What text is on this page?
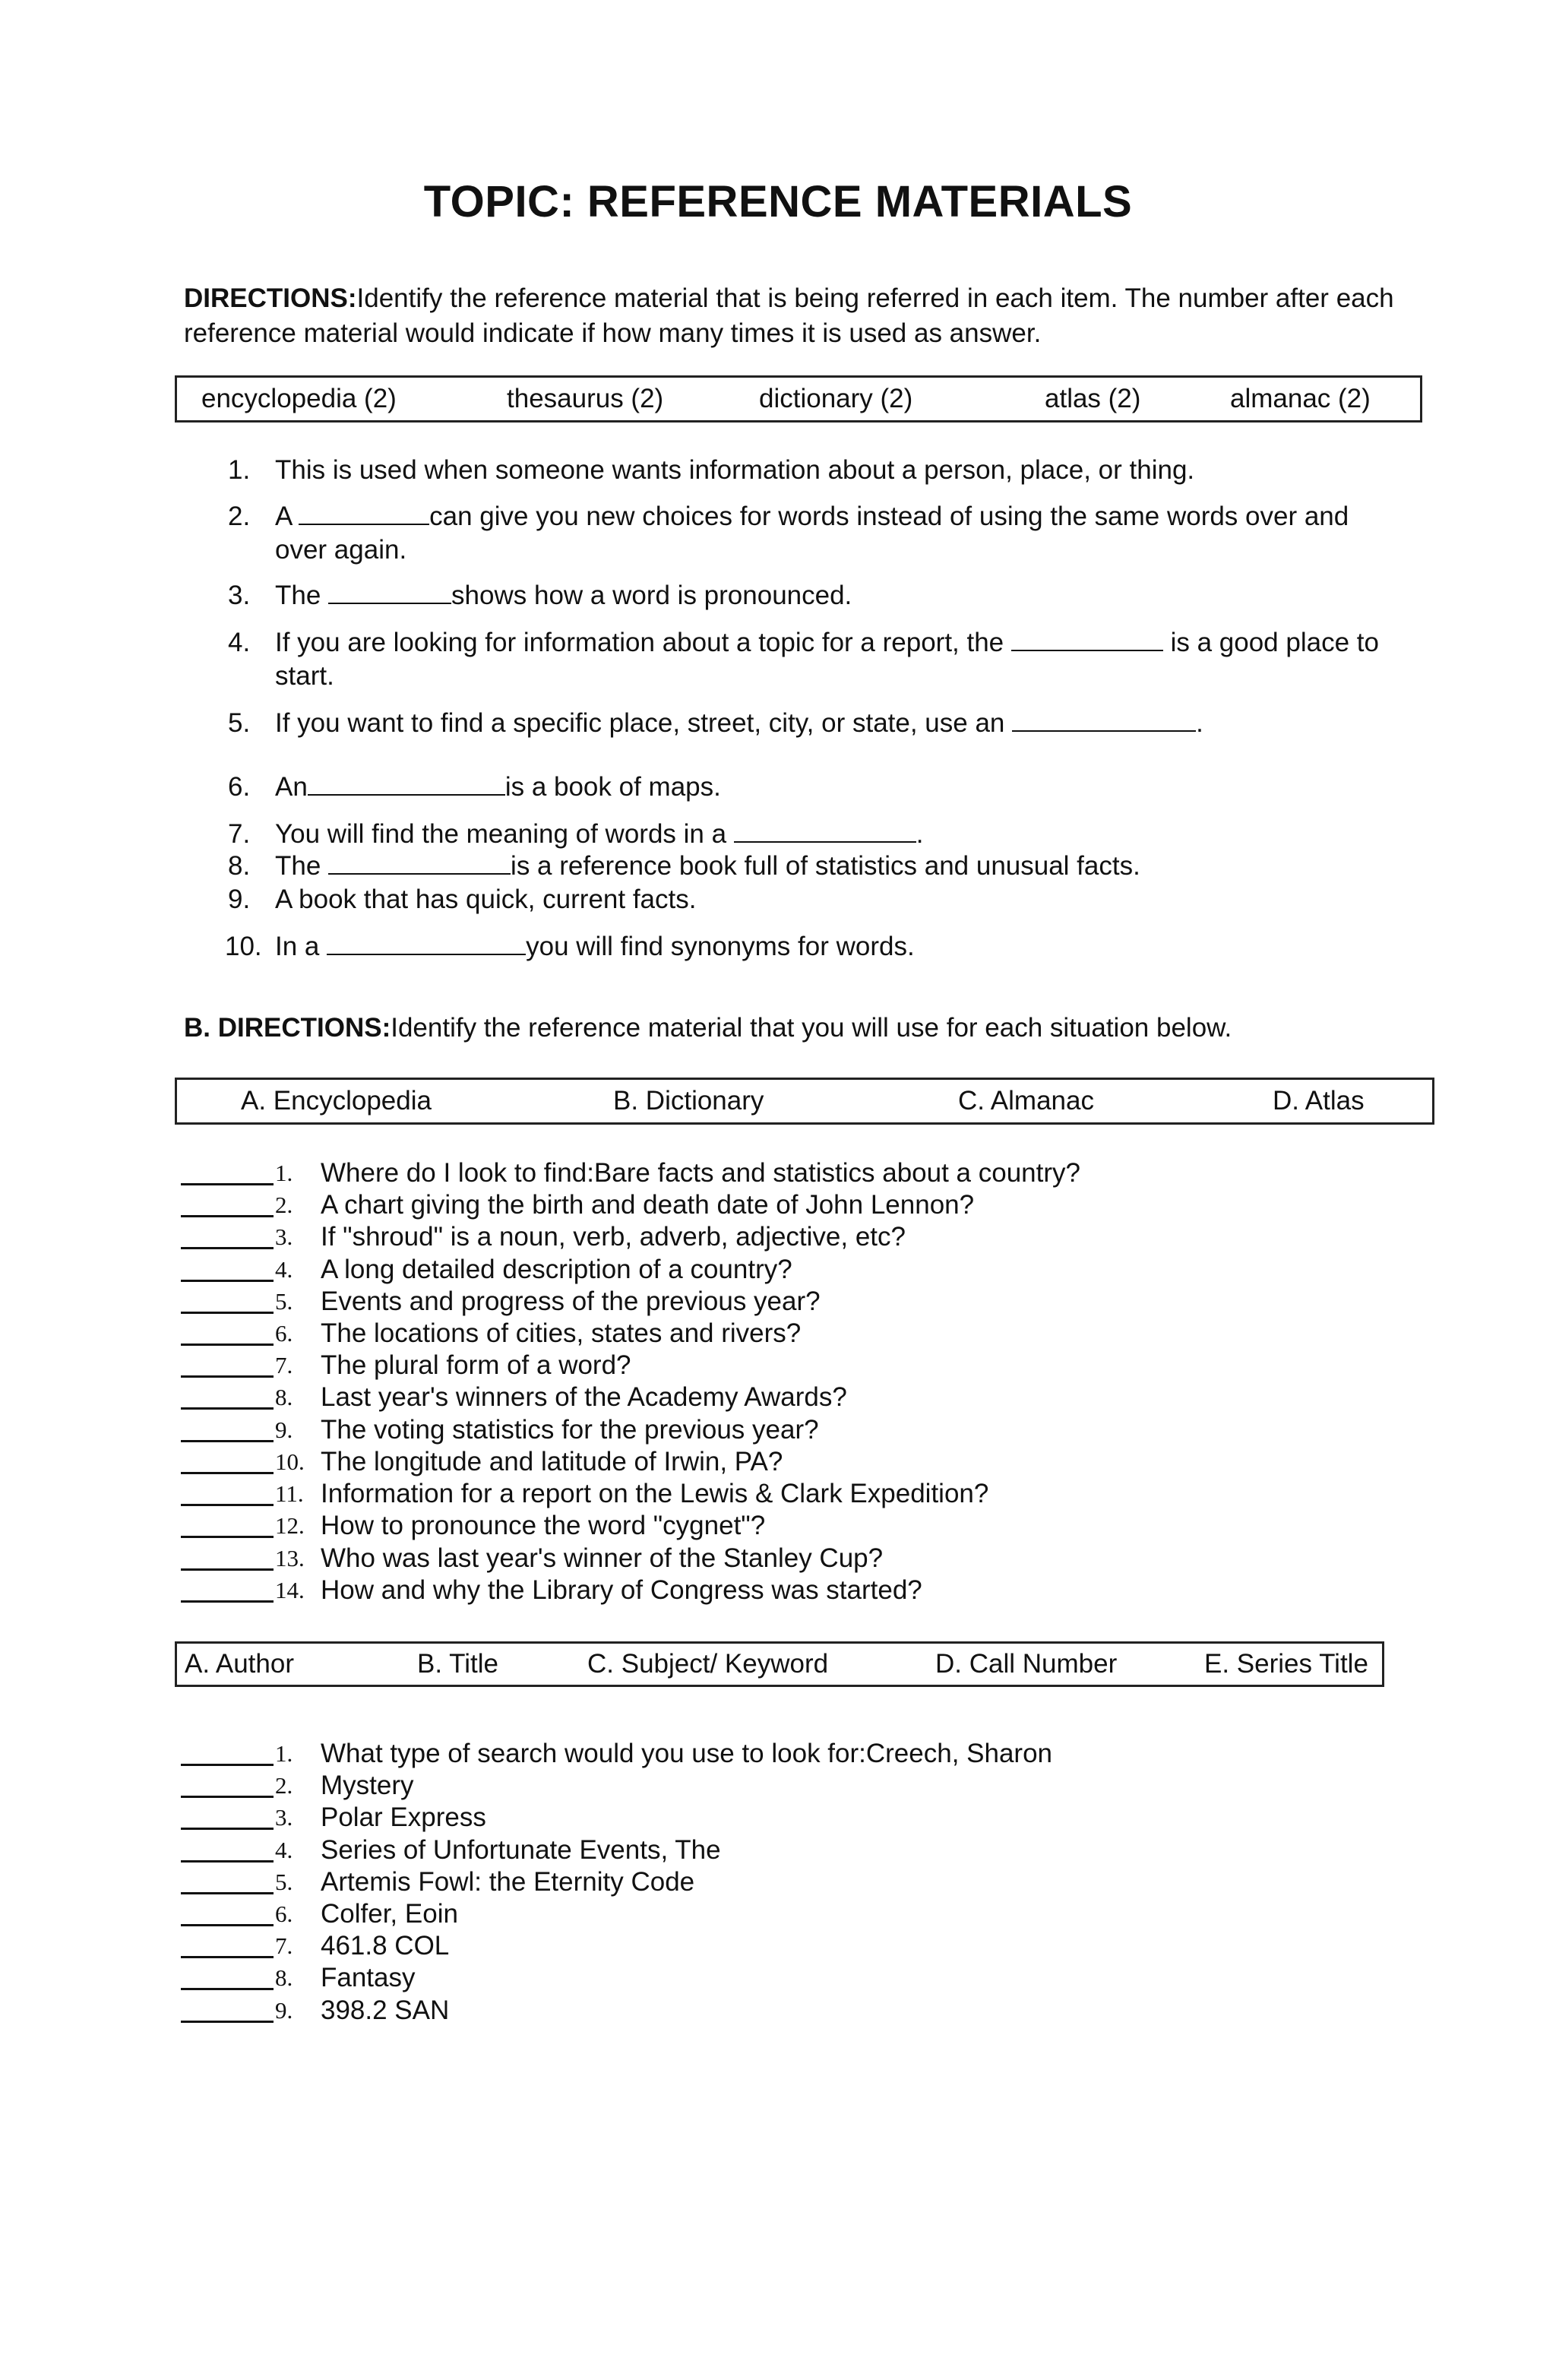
TOPIC: REFERENCE MATERIALS
DIRECTIONS:Identify the reference material that is being referred in each item. The number after each reference material would indicate if how many times it is used as answer.
encyclopedia (2)	thesaurus (2)	dictionary (2)	atlas (2)	almanac (2)
1. This is used when someone wants information about a person, place, or thing.
2. A	can give you new choices for words instead of using the same words over and over again.
3. The	shows how a word is pronounced.
4. If you are looking for information about a topic for a report, the	is a good place to start.
5. If you want to find a specific place, street, city, or state, use an	.
6. An	is a book of maps.
7. You will find the meaning of words in a	.
8. The	is a reference book full of statistics and unusual facts.
9. A book that has quick, current facts.
10. In a	you will find synonyms for words.
B. DIRECTIONS:Identify the reference material that you will use for each situation below.
A. Encyclopedia	B. Dictionary	C. Almanac	D. Atlas
1. Where do I look to find:Bare facts and statistics about a country?
2. A chart giving the birth and death date of John Lennon?
3. If "shroud" is a noun, verb, adverb, adjective, etc?
4. A long detailed description of a country?
5. Events and progress of the previous year?
6. The locations of cities, states and rivers?
7. The plural form of a word?
8. Last year's winners of the Academy Awards?
9. The voting statistics for the previous year?
10. The longitude and latitude of Irwin, PA?
11. Information for a report on the Lewis & Clark Expedition?
12. How to pronounce the word "cygnet"?
13. Who was last year's winner of the Stanley Cup?
14. How and why the Library of Congress was started?
A. Author	B. Title	C. Subject/ Keyword	D. Call Number	E. Series Title
1. What type of search would you use to look for:Creech, Sharon
2. Mystery
3. Polar Express
4. Series of Unfortunate Events, The
5. Artemis Fowl: the Eternity Code
6. Colfer, Eoin
7. 461.8 COL
8. Fantasy
9. 398.2 SAN
